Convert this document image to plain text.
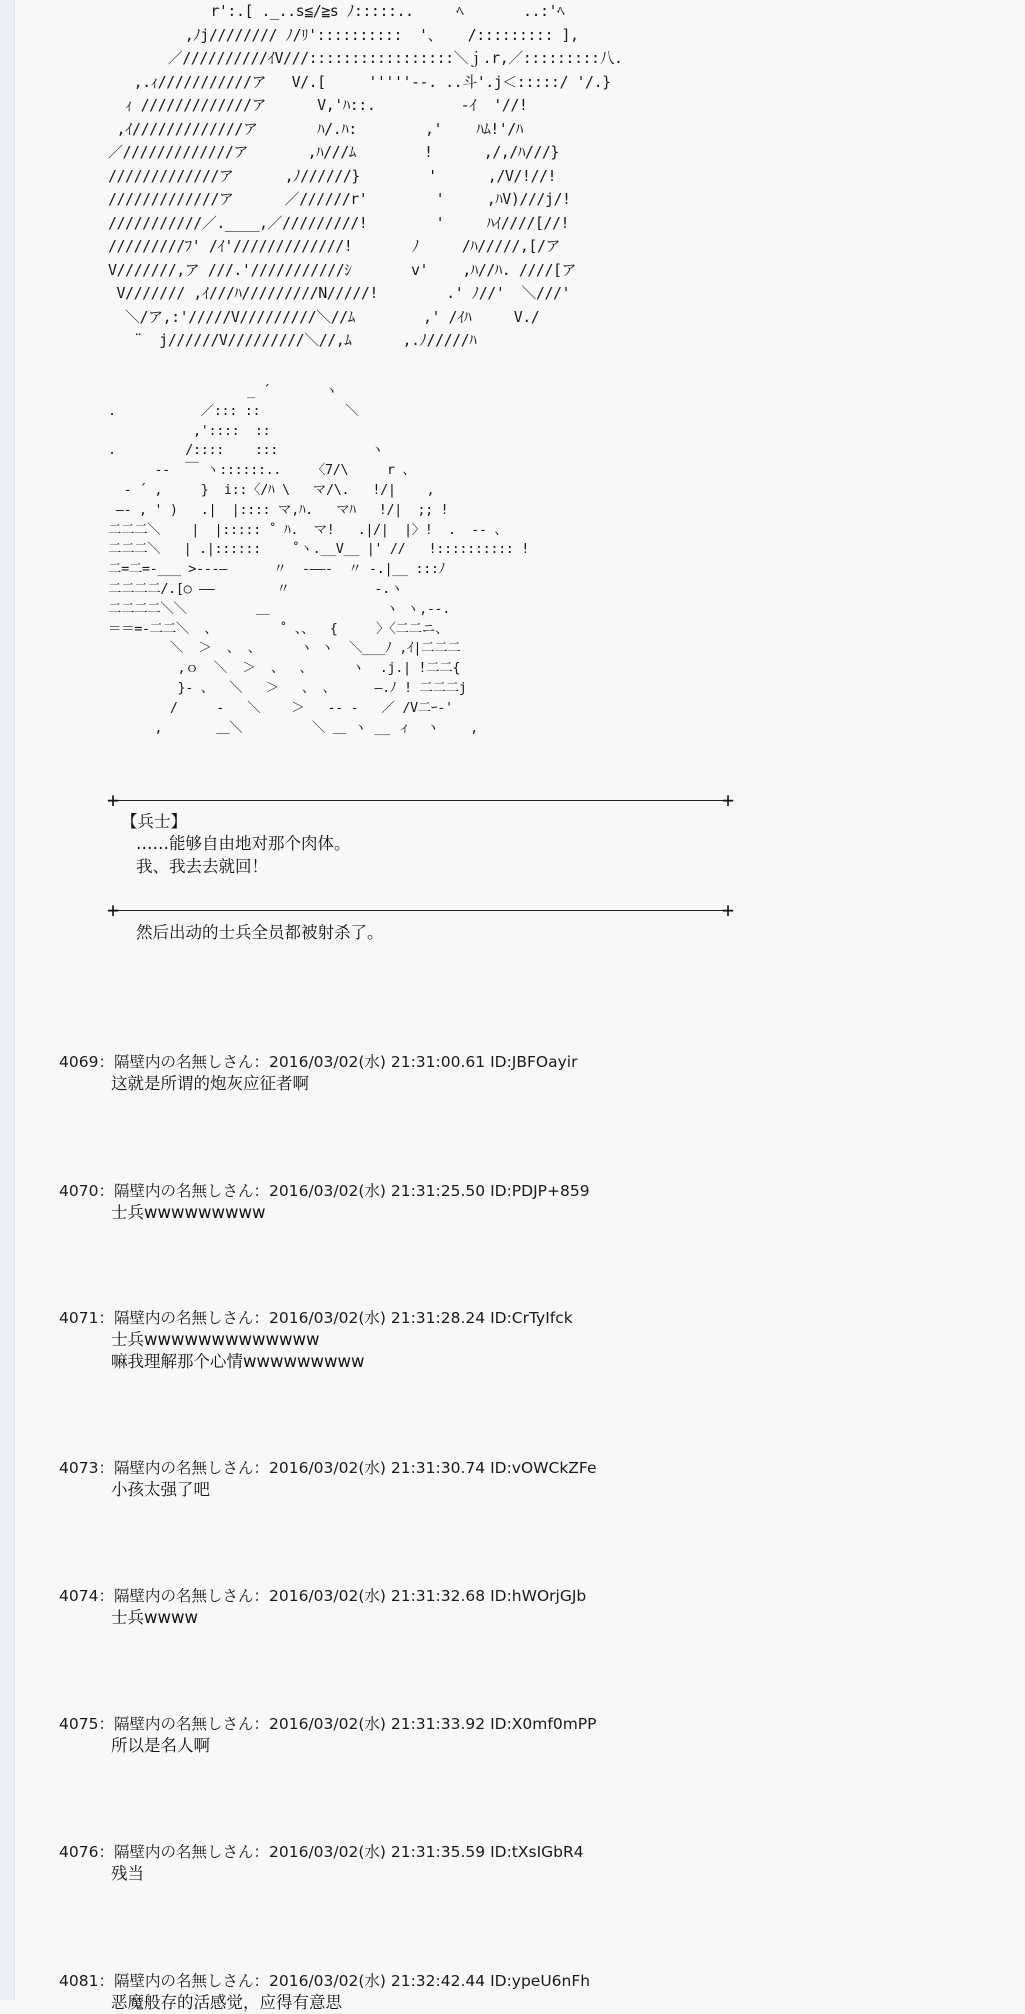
r':.[ ._..s≦/≧s ﾉ:::::..     ﾍ       ..:'ﾍ
,ﾉj//////// ﾉ/ﾘ'::::::::::  '、   /::::::::: ],
／//////////ｲV///:::::::::::::::::＼ｊ.r,／:::::::::八.
,.ｨ///////////ア   V/.[     '''''--. ..斗'.j＜:::::/ '/.}
ｨ /////////////ア      V,'ﾊ::.          -ｲ  '//!
,ｲ/////////////ア       ﾊ/.ﾊ:        ,'    ﾊﾑ!'/ﾊ
／/////////////ア       ,ﾊ///ﾑ        !      ,/,/ﾊ///}
/////////////ア      ,ﾉ//////}        '      ,/V/!//!
/////////////ア      ／//////r'        '     ,ﾊV)///j/!
///////////／.____,／/////////!        '     ﾊｲ////[//!
/////////ﾌ' /ｲ'/////////////!       ﾉ     /ﾊ/////,[/ア
V///////,ア ///.'///////////ｼ       v'    ,ﾊ//ﾊ. ////[ア
V/////// ,ｲ///ﾊ/////////N/////!        .' ﾉ//'  ＼///'
＼/ア,:'/////V/////////＼//ﾑ        ,' /ｲﾊ     V./
¨  j//////V/////////＼//,ﾑ      ,.ﾉ/////ﾊ
_ ´       ヽ
.           ／::: ::           ＼
,'::::  ::
.         /::::    :::            ヽ
-‐  ￣ ヽ::::::..    〈7/\     r 、
- ´ ,     }  i::〈/ﾊ \   マ/\.   !/|    ,
—‐ , ' )   .|  |:::: マ,ﾊ.   マﾊ   !/|  ;; !
二二二＼    |  |::::: ˚ ﾊ.  マ!   .|/|  |〉!  .  -‐ 、
二二二＼   | .|::::::    ˚ヽ.__V__ |' //   !:::::::::: !
二=二=-___ >---―      〃  ‐――‐  〃 -.|__ :::ﾉ
二二二二/.[○ ――        〃           -.ヽ
二二二二＼＼         ＿               ヽ ヽ,--.
＝＝=-二二＼  、        ˚ 、、  {     〉〈二二ニ、
＼  ＞  、 、     ヽ ヽ  ＼___ﾉ ,ｲ|二二二
,ｏ  ＼  ＞  、  、     ヽ  .j.| !二二{
}- 、  ＼   ＞   、 、     ―.ﾉ ! 二二二j
/     ‐   ＼    ＞   -- -   ／ /V二ｰ-'
,       ＿＼         ＼ ＿ ヽ __ ィ  ヽ    ,
+ +
【兵士】
……能够自由地对那个肉体。
我、我去去就回！
+ +
然后出动的士兵全员都被射杀了。
4069：隔壁内の名無しさん：2016/03/02(水) 21:31:00.61 ID:JBFOayir
这就是所谓的炮灰应征者啊
4070：隔壁内の名無しさん：2016/03/02(水) 21:31:25.50 ID:PDJP+859
士兵wwwwwwwww
4071：隔壁内の名無しさん：2016/03/02(水) 21:31:28.24 ID:CrTyIfck
士兵wwwwwwwwwwwww
嘛我理解那个心情wwwwwwwww
4073：隔壁内の名無しさん：2016/03/02(水) 21:31:30.74 ID:vOWCkZFe
小孩太强了吧
4074：隔壁内の名無しさん：2016/03/02(水) 21:31:32.68 ID:hWOrjGJb
士兵wwww
4075：隔壁内の名無しさん：2016/03/02(水) 21:31:33.92 ID:X0mf0mPP
所以是名人啊
4076：隔壁内の名無しさん：2016/03/02(水) 21:31:35.59 ID:tXsIGbR4
残当
4081：隔壁内の名無しさん：2016/03/02(水) 21:32:42.44 ID:ypeU6nFh
恶魔般存的活感觉，应得有意思
